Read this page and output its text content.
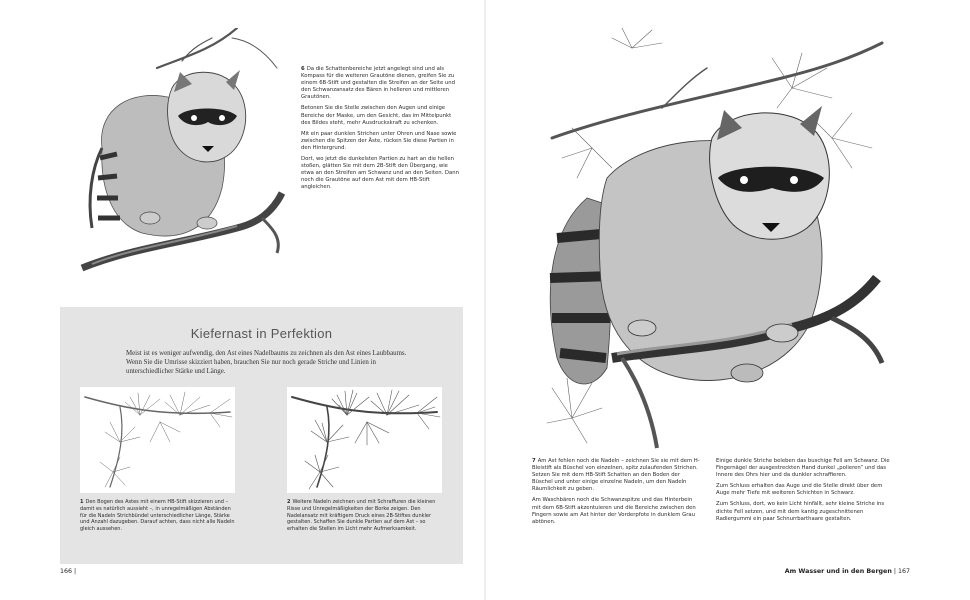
6 Da die Schattenbereiche jetzt angelegt sind und als Kompass für die weiteren Grautöne dienen, greifen Sie zu einem 6B-Stift und gestalten die Streifen an der Seite und den Schwanzansatz des Bären in helleren und mittleren Grautönen.

Betonen Sie die Stelle zwischen den Augen und einige Bereiche der Maske, um den Gesicht, das im Mittelpunkt des Bildes steht, mehr Ausdruckskraft zu schenken.

Mit ein paar dunklen Strichen unter Ohren und Nase sowie zwischen die Spitzen der Äste, rücken Sie diese Partien in den Hintergrund.

Dort, wo jetzt die dunkelsten Partien zu hart an die hellen stoßen, glätten Sie mit dem 2B-Stift den Übergang, wie etwa an den Streifen am Schwanz und an den Seiten. Dann noch die Grautöne auf dem Ast mit dem HB-Stift angleichen.

Kiefernast in Perfektion
Meist ist es weniger aufwendig, den Ast eines Nadelbaums zu zeichnen als den Ast eines Laubbaums. Wenn Sie die Umrisse skizziert haben, brauchen Sie nur noch gerade Striche und Linien in unterschiedlicher Stärke und Länge.
1 Den Bogen des Astes mit einem HB-Stift skizzieren und – damit es natürlich aussieht –, in unregelmäßigen Abständen für die Nadeln Strichbündel unterschiedlicher Länge, Stärke und Anzahl dazugeben. Darauf achten, dass nicht alle Nadeln gleich aussehen.
2 Weitere Nadeln zeichnen und mit Schraffuren die kleinen Risse und Unregelmäßigkeiten der Borke zeigen. Den Nadelansatz mit kräftigem Druck eines 2B-Stiftes dunkler gestalten. Schaffen Sie dunkle Partien auf dem Ast – so erhalten die Stellen im Licht mehr Aufmerksamkeit.
166 |

7 Am Ast fehlen noch die Nadeln – zeichnen Sie sie mit dem H-Bleistift als Büschel von einzelnen, spitz zulaufenden Strichen. Setzen Sie mit dem HB-Stift Schatten an den Boden der Büschel und unter einige einzelne Nadeln, um den Nadeln Räumlichkeit zu geben.

Am Waschbären noch die Schwanzspitze und das Hinterbein mit dem 6B-Stift akzentuieren und die Bereiche zwischen den Fingern sowie am Ast hinter der Vorderpfote in dunklem Grau abtönen.

Einige dunkle Striche beleben das buschige Fell am Schwanz. Die Fingernägel der ausgestreckten Hand dunkel „polieren“ und das Innere des Ohrs hier und da dunkler schraffieren.

Zum Schluss erhalten das Auge und die Stelle direkt über dem Auge mehr Tiefe mit weiteren Schichten in Schwarz.

Zum Schluss, dort, wo kein Licht hinfällt, sehr kleine Striche ins dichte Fell setzen, und mit dem kantig zugeschnittenen Radiergummi ein paar Schnurrbarthaare gestalten.

Am Wasser und in den Bergen | 167
